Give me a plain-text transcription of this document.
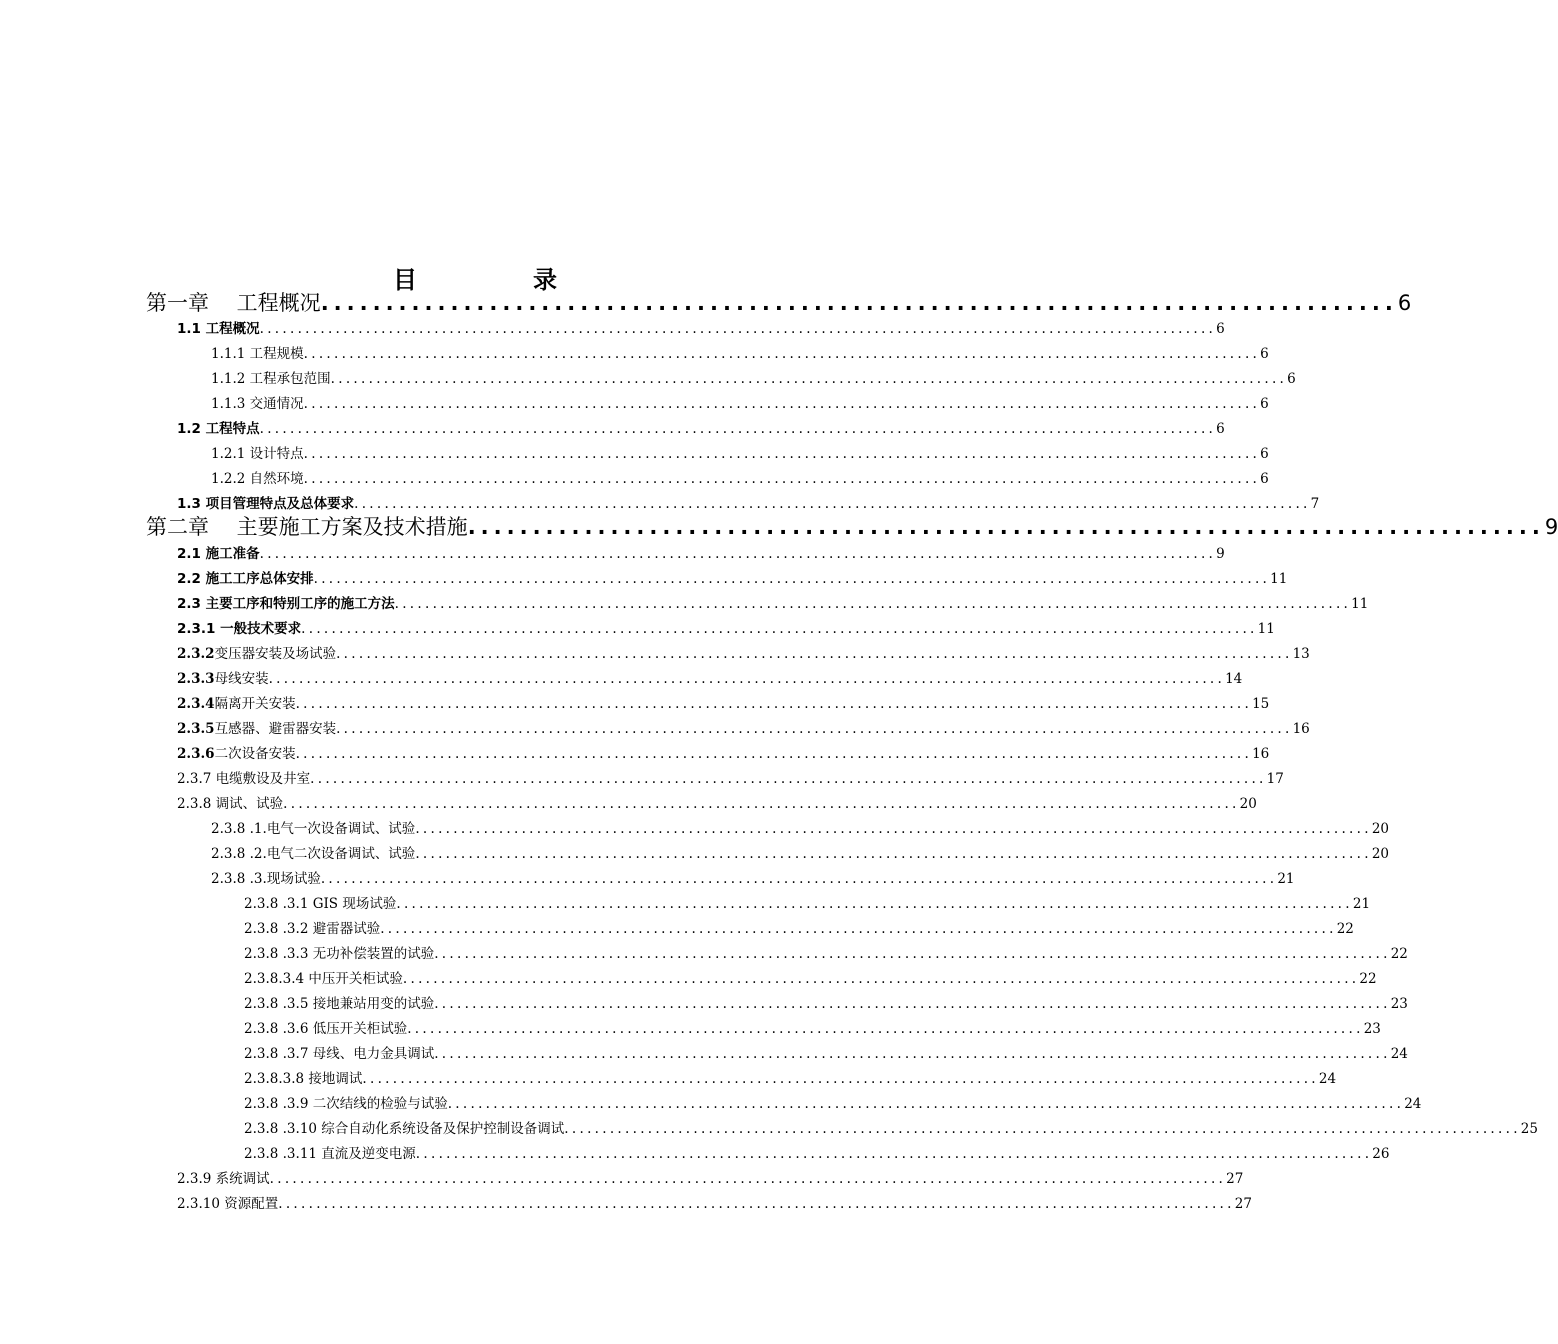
目　录
第一章　 工程概况 ................................................................................... 6
1.1 工程概况 .............................................................................................................................. 6
1.1.1 工程规模 .............................................................................................................................. 6
1.1.2 工程承包范围 .............................................................................................................................. 6
1.1.3 交通情况 .............................................................................................................................. 6
1.2 工程特点 .............................................................................................................................. 6
1.2.1 设计特点 .............................................................................................................................. 6
1.2.2 自然环境 .............................................................................................................................. 6
1.3 项目管理特点及总体要求 .............................................................................................................................. 7
第二章　 主要施工方案及技术措施 ................................................................................... 9
2.1 施工准备 .............................................................................................................................. 9
2.2 施工工序总体安排 .............................................................................................................................. 11
2.3 主要工序和特别工序的施工方法 .............................................................................................................................. 11
2.3.1 一般技术要求 .............................................................................................................................. 11
2.3.2变压器安装及场试验 .............................................................................................................................. 13
2.3.3母线安装 .............................................................................................................................. 14
2.3.4隔离开关安装 .............................................................................................................................. 15
2.3.5互感器、避雷器安装 .............................................................................................................................. 16
2.3.6二次设备安装 .............................................................................................................................. 16
2.3.7 电缆敷设及井室 .............................................................................................................................. 17
2.3.8 调试、试验 .............................................................................................................................. 20
2.3.8 .1.电气一次设备调试、试验 .............................................................................................................................. 20
2.3.8 .2.电气二次设备调试、试验 .............................................................................................................................. 20
2.3.8 .3.现场试验 .............................................................................................................................. 21
2.3.8 .3.1 GIS 现场试验 .............................................................................................................................. 21
2.3.8 .3.2 避雷器试验 .............................................................................................................................. 22
2.3.8 .3.3 无功补偿装置的试验 .............................................................................................................................. 22
2.3.8.3.4 中压开关柜试验 .............................................................................................................................. 22
2.3.8 .3.5 接地兼站用变的试验 .............................................................................................................................. 23
2.3.8 .3.6 低压开关柜试验 .............................................................................................................................. 23
2.3.8 .3.7 母线、电力金具调试 .............................................................................................................................. 24
2.3.8.3.8 接地调试 .............................................................................................................................. 24
2.3.8 .3.9 二次结线的检验与试验 .............................................................................................................................. 24
2.3.8 .3.10 综合自动化系统设备及保护控制设备调试 .............................................................................................................................. 25
2.3.8 .3.11 直流及逆变电源 .............................................................................................................................. 26
2.3.9 系统调试 .............................................................................................................................. 27
2.3.10 资源配置 .............................................................................................................................. 27
